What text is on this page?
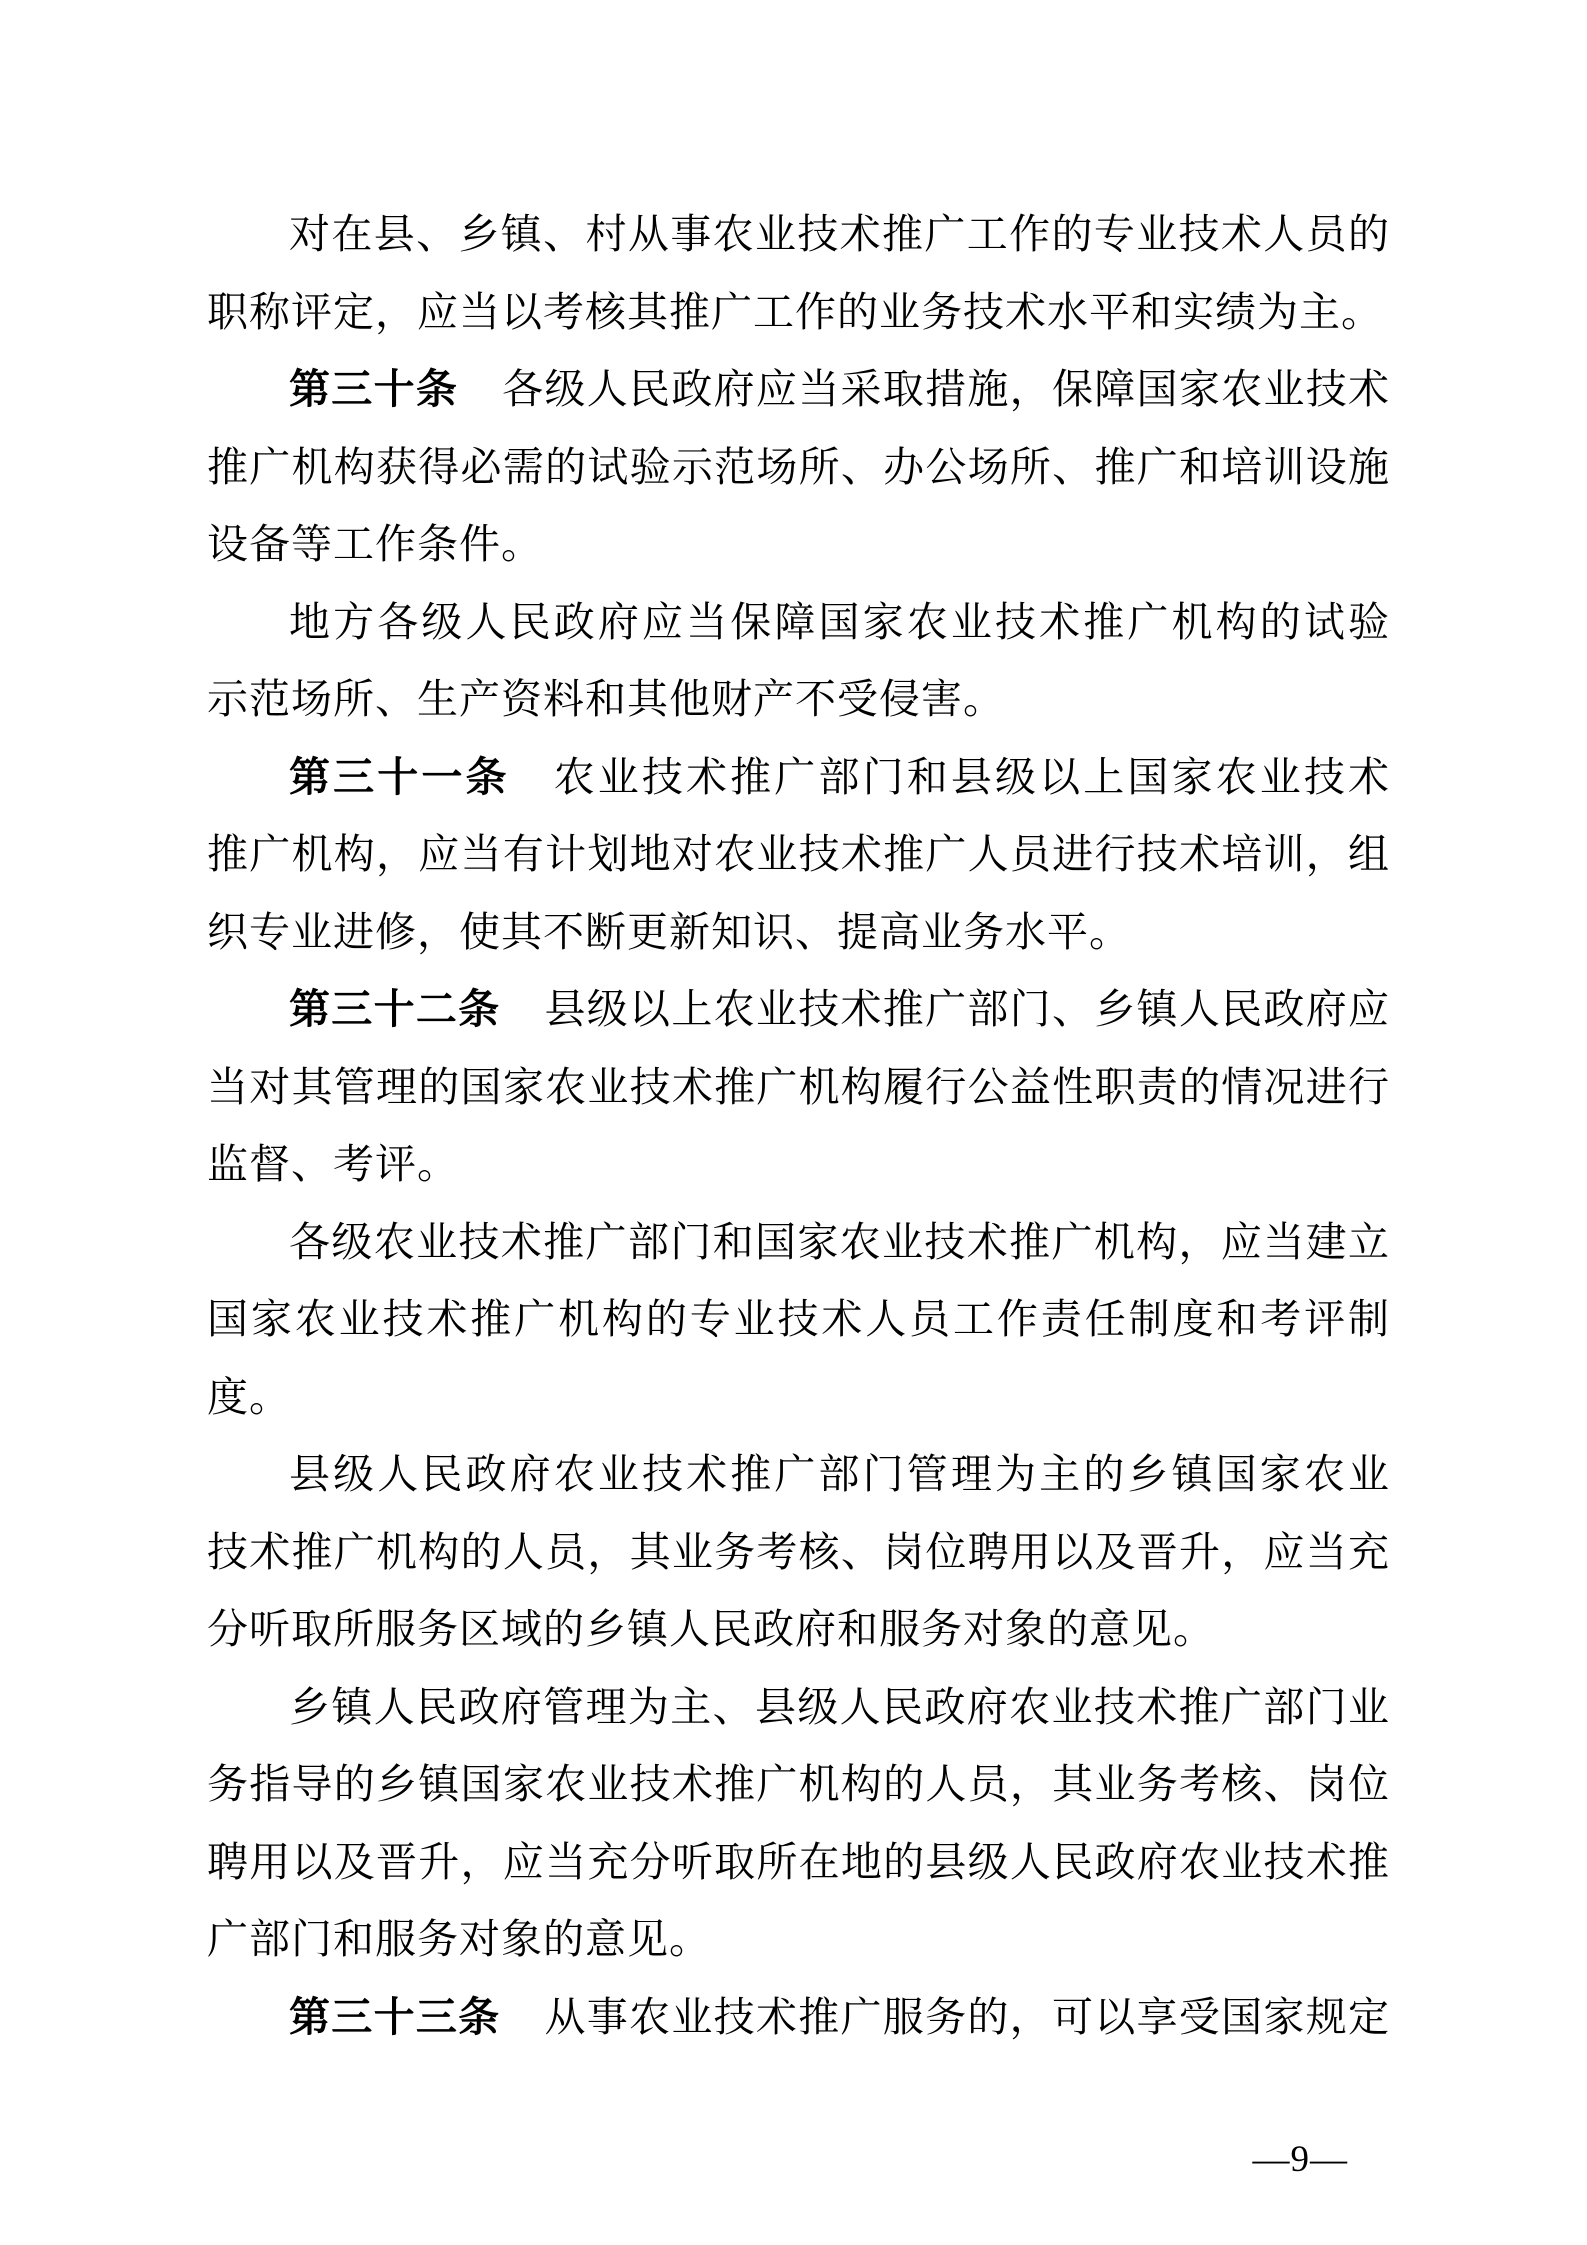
对在县、乡镇、村从事农业技术推广工作的专业技术人员的
职称评定，应当以考核其推广工作的业务技术水平和实绩为主。
第三十条 各级人民政府应当采取措施，保障国家农业技术
推广机构获得必需的试验示范场所、办公场所、推广和培训设施
设备等工作条件。
地方各级人民政府应当保障国家农业技术推广机构的试验
示范场所、生产资料和其他财产不受侵害。
第三十一条 农业技术推广部门和县级以上国家农业技术
推广机构，应当有计划地对农业技术推广人员进行技术培训，组
织专业进修，使其不断更新知识、提高业务水平。
第三十二条 县级以上农业技术推广部门、乡镇人民政府应
当对其管理的国家农业技术推广机构履行公益性职责的情况进行
监督、考评。
各级农业技术推广部门和国家农业技术推广机构，应当建立
国家农业技术推广机构的专业技术人员工作责任制度和考评制
度。
县级人民政府农业技术推广部门管理为主的乡镇国家农业
技术推广机构的人员，其业务考核、岗位聘用以及晋升，应当充
分听取所服务区域的乡镇人民政府和服务对象的意见。
乡镇人民政府管理为主、县级人民政府农业技术推广部门业
务指导的乡镇国家农业技术推广机构的人员，其业务考核、岗位
聘用以及晋升，应当充分听取所在地的县级人民政府农业技术推
广部门和服务对象的意见。
第三十三条 从事农业技术推广服务的，可以享受国家规定
—9—
